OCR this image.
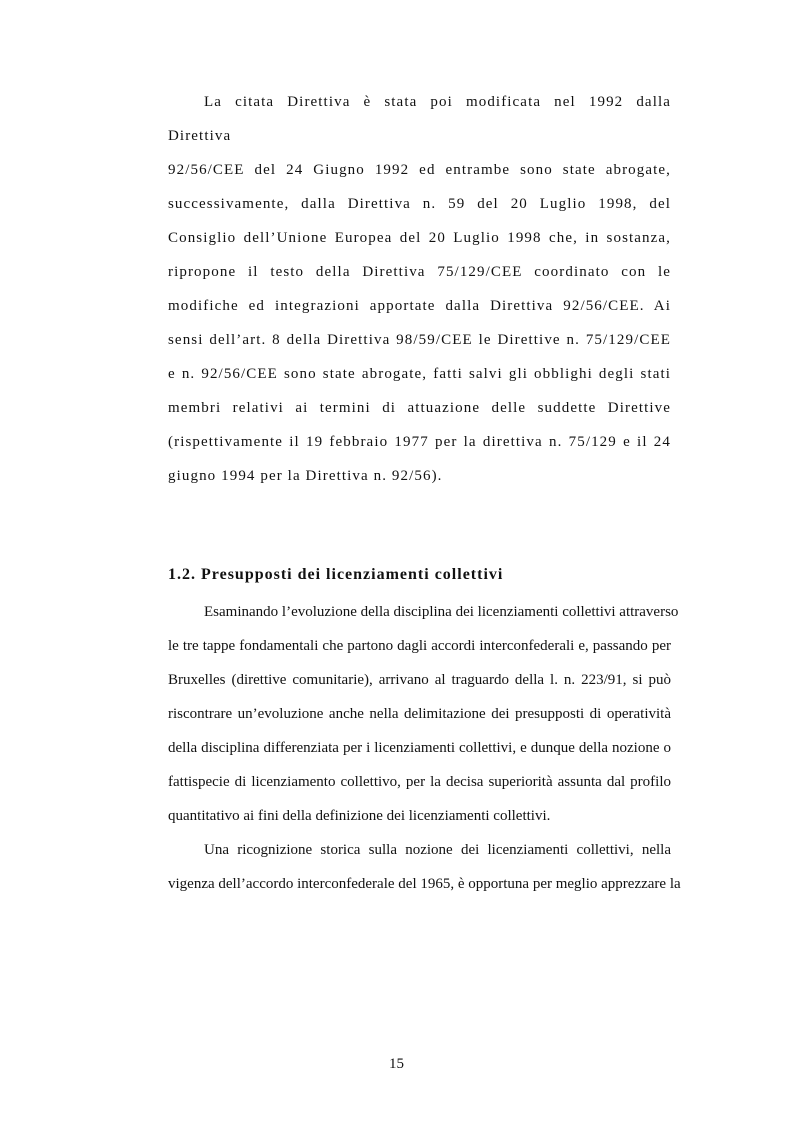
La citata Direttiva è stata poi modificata nel 1992 dalla
Direttiva
92/56/CEE del 24 Giugno 1992 ed entrambe sono state abrogate,
successivamente, dalla Direttiva n. 59 del 20 Luglio 1998, del
Consiglio dell’Unione Europea del 20 Luglio 1998 che, in sostanza,
ripropone il testo della Direttiva 75/129/CEE coordinato con le
modifiche ed integrazioni apportate dalla Direttiva 92/56/CEE. Ai
sensi dell’art. 8 della Direttiva 98/59/CEE le Direttive n. 75/129/CEE
e n. 92/56/CEE sono state abrogate, fatti salvi gli obblighi degli stati
membri relativi ai termini di attuazione delle suddette Direttive
(rispettivamente il 19 febbraio 1977 per la direttiva n. 75/129 e il 24
giugno 1994 per la Direttiva n. 92/56).
1.2. Presupposti dei licenziamenti collettivi
Esaminando l’evoluzione della disciplina dei licenziamenti collettivi attraverso
le tre tappe fondamentali che partono dagli accordi interconfederali e, passando per
Bruxelles (direttive comunitarie), arrivano al traguardo della l. n. 223/91, si può
riscontrare un’evoluzione anche nella delimitazione dei presupposti di operatività
della disciplina differenziata per i licenziamenti collettivi, e dunque della nozione o
fattispecie di licenziamento collettivo, per la decisa superiorità assunta dal profilo
quantitativo ai fini della definizione dei licenziamenti collettivi.
Una ricognizione storica sulla nozione dei licenziamenti collettivi, nella
vigenza dell’accordo interconfederale del 1965, è opportuna per meglio apprezzare la
15
